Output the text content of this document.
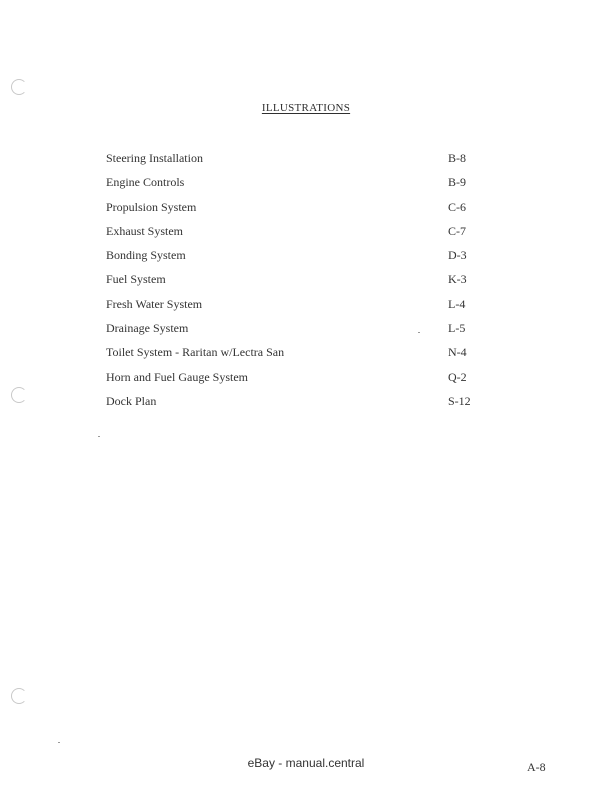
ILLUSTRATIONS
Steering Installation	B-8
Engine Controls	B-9
Propulsion System	C-6
Exhaust System	C-7
Bonding System	D-3
Fuel System	K-3
Fresh Water System	L-4
Drainage System	L-5
Toilet System - Raritan w/Lectra San	N-4
Horn and Fuel Gauge System	Q-2
Dock Plan	S-12
eBay - manual.central	A-8
